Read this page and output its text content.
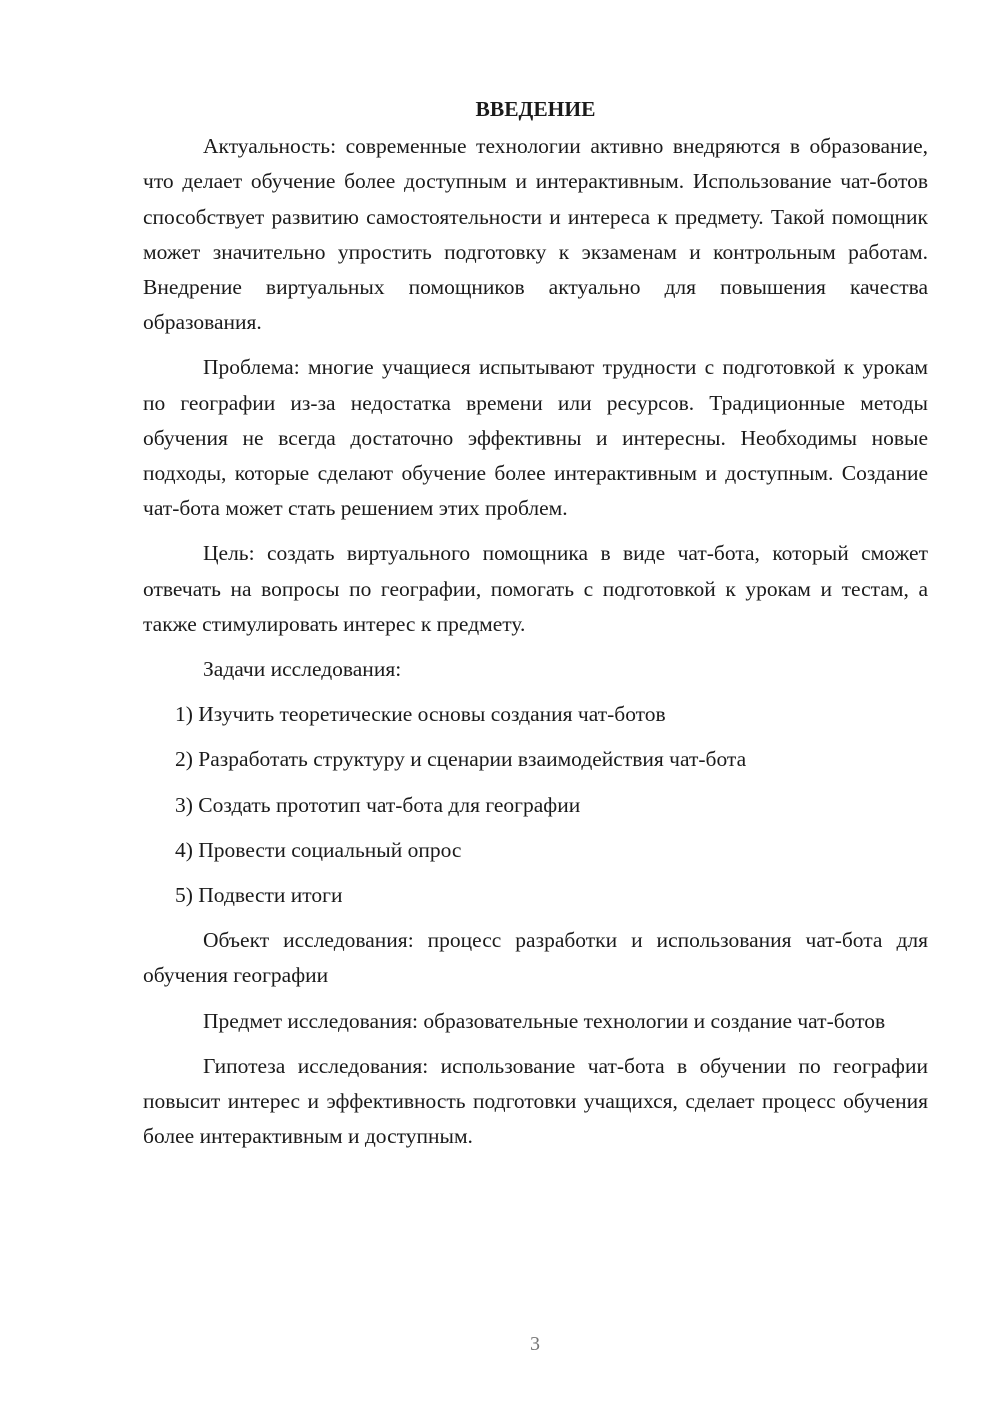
ВВЕДЕНИЕ

Актуальность: современные технологии активно внедряются в образование, что делает обучение более доступным и интерактивным. Использование чат-ботов способствует развитию самостоятельности и интереса к предмету. Такой помощник может значительно упростить подготовку к экзаменам и контрольным работам. Внедрение виртуальных помощников актуально для повышения качества образования.

Проблема: многие учащиеся испытывают трудности с подготовкой к урокам по географии из-за недостатка времени или ресурсов. Традиционные методы обучения не всегда достаточно эффективны и интересны. Необходимы новые подходы, которые сделают обучение более интерактивным и доступным. Создание чат-бота может стать решением этих проблем.

Цель: создать виртуального помощника в виде чат-бота, который сможет отвечать на вопросы по географии, помогать с подготовкой к урокам и тестам, а также стимулировать интерес к предмету.

Задачи исследования:

1) Изучить теоретические основы создания чат-ботов
2) Разработать структуру и сценарии взаимодействия чат-бота
3) Создать прототип чат-бота для географии
4) Провести социальный опрос
5) Подвести итоги

Объект исследования: процесс разработки и использования чат-бота для обучения географии

Предмет исследования: образовательные технологии и создание чат-ботов

Гипотеза исследования: использование чат-бота в обучении по географии повысит интерес и эффективность подготовки учащихся, сделает процесс обучения более интерактивным и доступным.

3
